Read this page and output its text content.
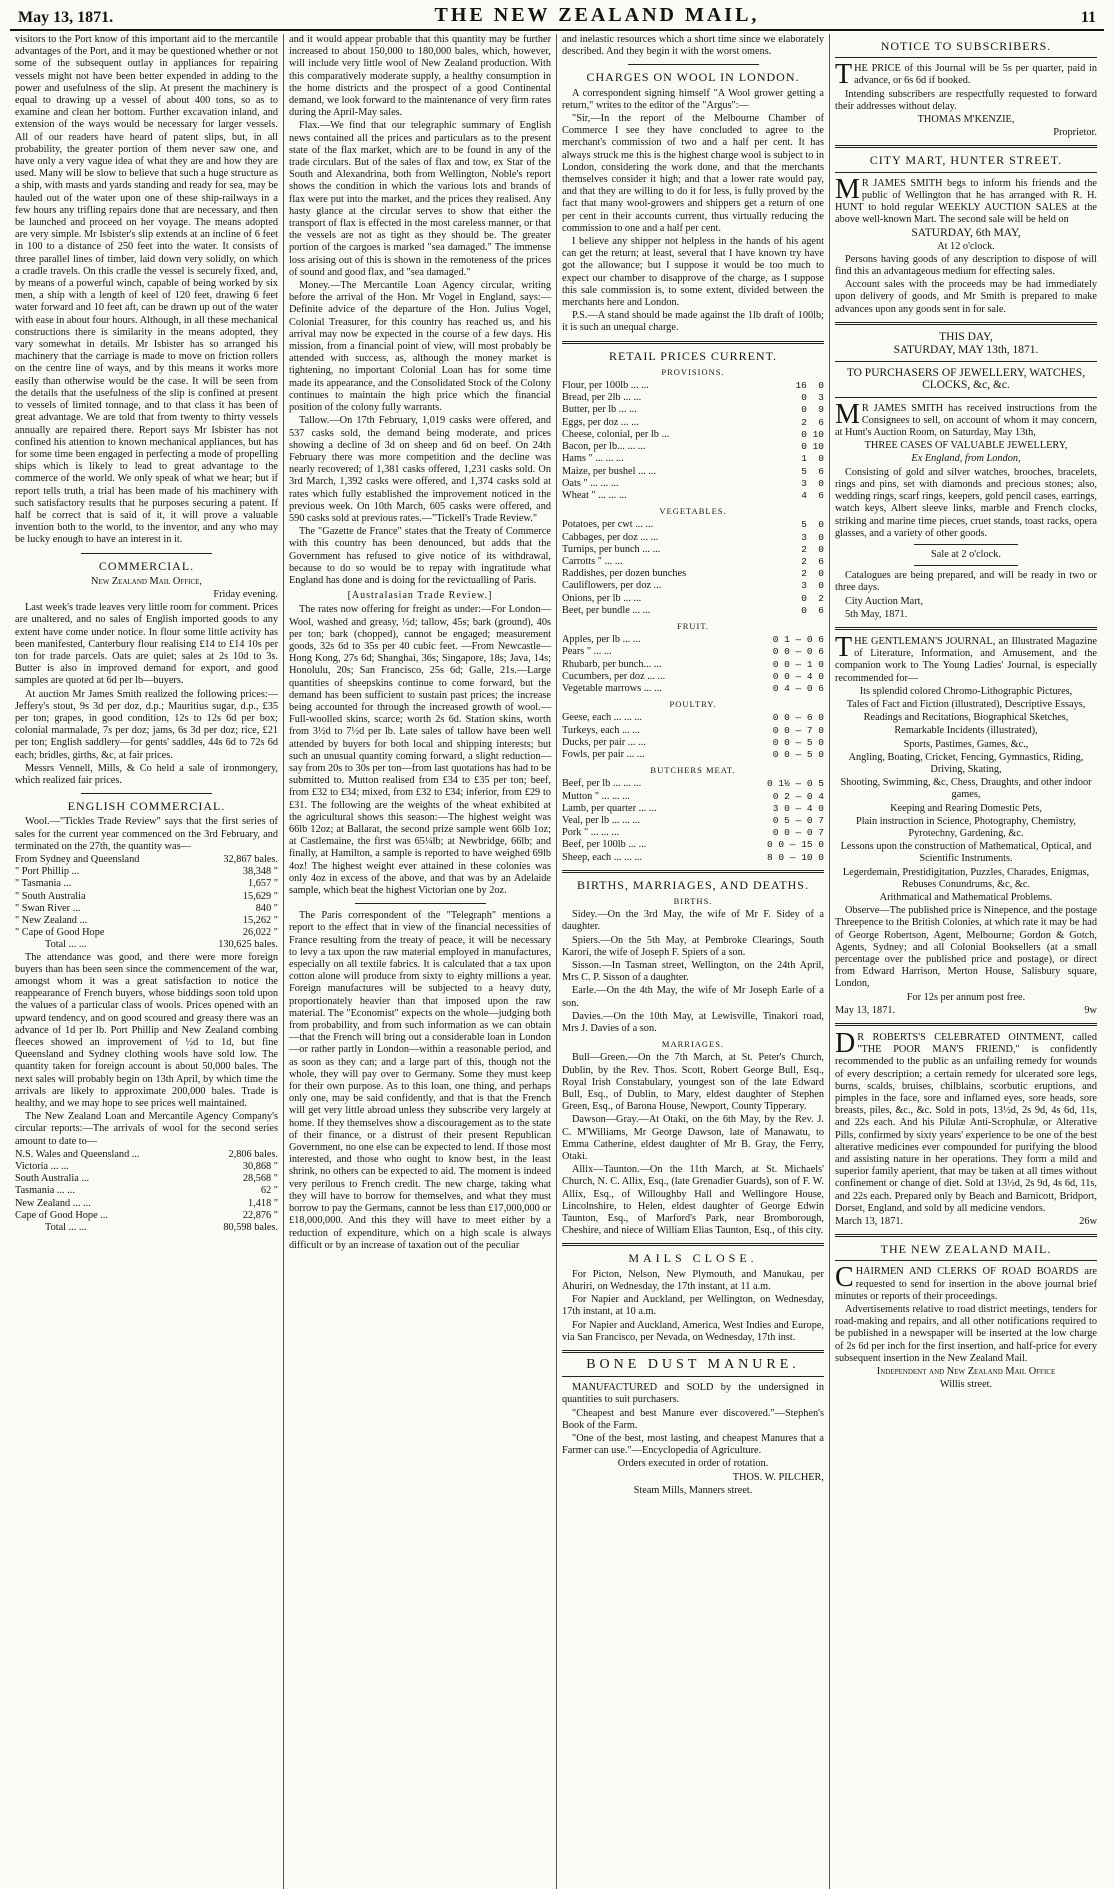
May 13, 1871.	THE NEW ZEALAND MAIL,	11

visitors to the Port know of this important aid to the mercantile advantages of the Port, and it may be questioned whether or not some of the subsequent outlay in appliances for repairing vessels might not have been better expended in adding to the power and usefulness of the slip. At present the machinery is equal to drawing up a vessel of about 400 tons, so as to examine and clean her bottom. Further excavation inland, and extension of the ways would be necessary for larger vessels. All of our readers have heard of patent slips, but, in all probability, the greater portion of them never saw one, and have only a very vague idea of what they are and how they are used. Many will be slow to believe that such a huge structure as a ship, with masts and yards standing and ready for sea, may be hauled out of the water upon one of these ship-railways in a few hours any trifling repairs done that are necessary, and then be launched and proceed on her voyage. The means adopted are very simple. Mr Isbister's slip extends at an incline of 6 feet in 100 to a distance of 250 feet into the water. It consists of three parallel lines of timber, laid down very solidly, on which a cradle travels. On this cradle the vessel is securely fixed, and, by means of a powerful winch, capable of being worked by six men, a ship with a length of keel of 120 feet, drawing 6 feet water forward and 10 feet aft, can be drawn up out of the water with ease in about four hours. Although, in all these mechanical constructions there is similarity in the means adopted, they vary somewhat in details. Mr Isbister has so arranged his machinery that the carriage is made to move on friction rollers on the centre line of ways, and by this means it works more easily than otherwise would be the case. It will be seen from the details that the usefulness of the slip is confined at present to vessels of limited tonnage, and to that class it has been of great advantage. We are told that from twenty to thirty vessels annually are repaired there. Report says Mr Isbister has not confined his attention to known mechanical appliances, but has for some time been engaged in perfecting a mode of propelling ships which is likely to lead to great advantage to the commerce of the world. We only speak of what we hear; but if report tells truth, a trial has been made of his machinery with such satisfactory results that he purposes securing a patent. If half be correct that is said of it, it will prove a valuable invention both to the world, to the inventor, and any who may be lucky enough to have an interest in it.

COMMERCIAL.

New Zealand Mail Office,

Friday evening.

Last week's trade leaves very little room for comment. Prices are unaltered, and no sales of English imported goods to any extent have come under notice. In flour some little activity has been manifested, Canterbury flour realising £14 to £14 10s per ton for trade parcels. Oats are quiet; sales at 2s 10d to 3s. Butter is also in improved demand for export, and good samples are quoted at 6d per lb—buyers.

At auction Mr James Smith realized the following prices:—Jeffery's stout, 9s 3d per doz, d.p.; Mauritius sugar, d.p., £35 per ton; grapes, in good condition, 12s to 12s 6d per box; colonial marmalade, 7s per doz; jams, 6s 3d per doz; rice, £21 per ton; English saddlery—for gents' saddles, 44s 6d to 72s 6d each; bridles, girths, &c, at fair prices.

Messrs Vennell, Mills, & Co held a sale of ironmongery, which realized fair prices.

ENGLISH COMMERCIAL.

Wool.—"Tickles Trade Review" says that the first series of sales for the current year commenced on the 3rd February, and terminated on the 27th, the quantity was—

From Sydney and Queensland	32,867 bales.
" Port Phillip ...	38,348 "
" Tasmania ...	1,657 "
" South Australia	15,629 "
" Swan River ...	840 "
" New Zealand ...	15,262 "
" Cape of Good Hope	26,022 "
Total ... ...	130,625 bales.

The attendance was good, and there were more foreign buyers than has been seen since the commencement of the war, amongst whom it was a great satisfaction to notice the reappearance of French buyers, whose biddings soon told upon the values of a particular class of wools. Prices opened with an upward tendency, and on good scoured and greasy there was an advance of 1d per lb. Port Phillip and New Zealand combing fleeces showed an improvement of ½d to 1d, but fine Queensland and Sydney clothing wools have sold low. The quantity taken for foreign account is about 50,000 bales. The next sales will probably begin on 13th April, by which time the arrivals are likely to approximate 200,000 bales. Trade is healthy, and we may hope to see prices well maintained.

The New Zealand Loan and Mercantile Agency Company's circular reports:—The arrivals of wool for the second series amount to date to—

N.S. Wales and Queensland ...	2,806 bales.
Victoria ... ...	30,868 "
South Australia ...	28,568 "
Tasmania ... ...	62 "
New Zealand ... ...	1,418 "
Cape of Good Hope ...	22,876 "
Total ... ...	80,598 bales.

and it would appear probable that this quantity may be further increased to about 150,000 to 180,000 bales, which, however, will include very little wool of New Zealand production. With this comparatively moderate supply, a healthy consumption in the home districts and the prospect of a good Continental demand, we look forward to the maintenance of very firm rates during the April-May sales.

Flax.—We find that our telegraphic summary of English news contained all the prices and particulars as to the present state of the flax market, which are to be found in any of the trade circulars. But of the sales of flax and tow, ex Star of the South and Alexandrina, both from Wellington, Noble's report shows the condition in which the various lots and brands of flax were put into the market, and the prices they realised. Any hasty glance at the circular serves to show that either the transport of flax is effected in the most careless manner, or that the vessels are not as tight as they should be. The greater portion of the cargoes is marked "sea damaged." The immense loss arising out of this is shown in the remoteness of the prices of sound and good flax, and "sea damaged."

Money.—The Mercantile Loan Agency circular, writing before the arrival of the Hon. Mr Vogel in England, says:—Definite advice of the departure of the Hon. Julius Vogel, Colonial Treasurer, for this country has reached us, and his arrival may now be expected in the course of a few days. His mission, from a financial point of view, will most probably be attended with success, as, although the money market is tightening, no important Colonial Loan has for some time made its appearance, and the Consolidated Stock of the Colony continues to maintain the high price which the financial position of the colony fully warrants.

Tallow.—On 17th February, 1,019 casks were offered, and 537 casks sold, the demand being moderate, and prices showing a decline of 3d on sheep and 6d on beef. On 24th February there was more competition and the decline was nearly recovered; of 1,381 casks offered, 1,231 casks sold. On 3rd March, 1,392 casks were offered, and 1,374 casks sold at rates which fully established the improvement noticed in the previous week. On 10th March, 605 casks were offered, and 590 casks sold at previous rates.—"Tickell's Trade Review."

The "Gazette de France" states that the Treaty of Commerce with this country has been denounced, but adds that the Government has refused to give notice of its withdrawal, because to do so would be to repay with ingratitude what England has done and is doing for the revictualling of Paris.

[Australasian Trade Review.]

The rates now offering for freight as under:—For London—Wool, washed and greasy, ½d; tallow, 45s; bark (ground), 40s per ton; bark (chopped), cannot be engaged; measurement goods, 32s 6d to 35s per 40 cubic feet. —From Newcastle—Hong Kong, 27s 6d; Shanghai, 36s; Singapore, 18s; Java, 14s; Honolulu, 20s; San Francisco, 25s 6d; Galle, 21s.—Large quantities of sheepskins continue to come forward, but the demand has been sufficient to sustain past prices; the increase being accounted for through the increased growth of wool.—Full-woolled skins, scarce; worth 2s 6d. Station skins, worth from 3½d to 7½d per lb. Late sales of tallow have been well attended by buyers for both local and shipping interests; but such an unusual quantity coming forward, a slight reduction—say from 20s to 30s per ton—from last quotations has had to be submitted to. Mutton realised from £34 to £35 per ton; beef, from £32 to £34; mixed, from £32 to £34; inferior, from £29 to £31. The following are the weights of the wheat exhibited at the agricultural shows this season:—The highest weight was 66lb 12oz; at Ballarat, the second prize sample went 66lb 1oz; at Castlemaine, the first was 65¼lb; at Newbridge, 66lb; and finally, at Hamilton, a sample is reported to have weighed 69lb 4oz! The highest weight ever attained in these colonies was only 4oz in excess of the above, and that was by an Adelaide sample, which beat the highest Victorian one by 2oz.

The Paris correspondent of the "Telegraph" mentions a report to the effect that in view of the financial necessities of France resulting from the treaty of peace, it will be necessary to levy a tax upon the raw material employed in manufactures, especially on all textile fabrics. It is calculated that a tax upon cotton alone will produce from sixty to eighty millions a year. Foreign manufactures will be subjected to a heavy duty, proportionately heavier than that imposed upon the raw material. The "Economist" expects on the whole—judging both from probability, and from such information as we can obtain—that the French will bring out a considerable loan in London—or rather partly in London—within a reasonable period, and as soon as they can; and a large part of this, though not the whole, they will pay over to Germany. Some they must keep for their own purpose. As to this loan, one thing, and perhaps only one, may be said confidently, and that is that the French will get very little abroad unless they subscribe very largely at home. If they themselves show a discouragement as to the state of their finance, or a distrust of their present Republican Government, no one else can be expected to lend. If those most interested, and those who ought to know best, in the least shrink, no others can be expected to aid. The moment is indeed very perilous to French credit. The new charge, taking what they will have to borrow for themselves, and what they must borrow to pay the Germans, cannot be less than £17,000,000 or £18,000,000. And this they will have to meet either by a reduction of expenditure, which on a high scale is always difficult or by an increase of taxation out of the peculiar

and inelastic resources which a short time since we elaborately described. And they begin it with the worst omens.

CHARGES ON WOOL IN LONDON.

A correspondent signing himself "A Wool grower getting a return," writes to the editor of the "Argus":—

"Sir,—In the report of the Melbourne Chamber of Commerce I see they have concluded to agree to the merchant's commission of two and a half per cent. It has always struck me this is the highest charge wool is subject to in London, considering the work done, and that the merchants themselves consider it high; and that a lower rate would pay, and that they are willing to do it for less, is fully proved by the fact that many wool-growers and shippers get a return of one per cent in their accounts current, thus virtually reducing the commission to one and a half per cent.

I believe any shipper not helpless in the hands of his agent can get the return; at least, several that I have known try have got the allowance; but I suppose it would be too much to expect our chamber to disapprove of the charge, as I suppose this sale commission is, to some extent, divided between the merchants here and London.

P.S.—A stand should be made against the 1lb draft of 100lb; it is such an unequal charge.

RETAIL PRICES CURRENT.
PROVISIONS.
Flour, per 100lb ... ...	16  0
Bread, per 2lb ... ...	0  3
Butter, per lb ... ...	0  9
Eggs, per doz ... ...	2  6
Cheese, colonial, per lb ...	0 10
Bacon, per lb... ... ...	0 10
Hams " ... ... ...	1  0
Maize, per bushel ... ...	5  6
Oats " ... ... ...	3  0
Wheat " ... ... ...	4  6
VEGETABLES.
Potatoes, per cwt ... ...	5  0
Cabbages, per doz ... ...	3  0
Turnips, per bunch ... ...	2  0
Carrotts " ... ...	2  6
Raddishes, per dozen bunches	2  0
Cauliflowers, per doz ...	3  0
Onions, per lb ... ...	0  2
Beet, per bundle ... ...	0  6
FRUIT.
Apples, per lb ... ...	0 1 — 0 6
Pears " ... ...	0 0 — 0 6
Rhubarb, per bunch... ...	0 0 — 1 0
Cucumbers, per doz ... ...	0 0 — 4 0
Vegetable marrows ... ...	0 4 — 0 6
POULTRY.
Geese, each ... ... ...	0 0 — 6 0
Turkeys, each ... ...	0 0 — 7 0
Ducks, per pair ... ...	0 0 — 5 0
Fowls, per pair ... ...	0 0 — 5 0
BUTCHERS MEAT.
Beef, per lb ... ... ...	0 1½ — 0 5
Mutton " ... ... ...	0 2 — 0 4
Lamb, per quarter ... ...	3 0 — 4 0
Veal, per lb ... ... ...	0 5 — 0 7
Pork " ... ... ...	0 0 — 0 7
Beef, per 100lb ... ...	0 0 — 15 0
Sheep, each ... ... ...	8 0 — 10 0
BIRTHS, MARRIAGES, AND DEATHS.
BIRTHS.

Sidey.—On the 3rd May, the wife of Mr F. Sidey of a daughter.

Spiers.—On the 5th May, at Pembroke Clearings, South Karori, the wife of Joseph F. Spiers of a son.

Sisson.—In Tasman street, Wellington, on the 24th April, Mrs C. P. Sisson of a daughter.

Earle.—On the 4th May, the wife of Mr Joseph Earle of a son.

Davies.—On the 10th May, at Lewisville, Tinakori road, Mrs J. Davies of a son.

MARRIAGES.

Bull—Green.—On the 7th March, at St. Peter's Church, Dublin, by the Rev. Thos. Scott, Robert George Bull, Esq., Royal Irish Constabulary, youngest son of the late Edward Bull, Esq., of Dublin, to Mary, eldest daughter of Stephen Green, Esq., of Barona House, Newport, County Tipperary.

Dawson—Gray.—At Otaki, on the 6th May, by the Rev. J. C. M'Williams, Mr George Dawson, late of Manawatu, to Emma Catherine, eldest daughter of Mr B. Gray, the Ferry, Otaki.

Allix—Taunton.—On the 11th March, at St. Michaels' Church, N. C. Allix, Esq., (late Grenadier Guards), son of F. W. Allix, Esq., of Willoughby Hall and Wellingore House, Lincolnshire, to Helen, eldest daughter of George Edwin Taunton, Esq., of Marford's Park, near Bromborough, Cheshire, and niece of William Elias Taunton, Esq., of this city.

MAILS CLOSE.

For Picton, Nelson, New Plymouth, and Manukau, per Ahuriri, on Wednesday, the 17th instant, at 11 a.m.

For Napier and Auckland, per Wellington, on Wednesday, 17th instant, at 10 a.m.

For Napier and Auckland, America, West Indies and Europe, via San Francisco, per Nevada, on Wednesday, 17th inst.

BONE DUST MANURE.

MANUFACTURED and SOLD by the undersigned in quantities to suit purchasers.

"Cheapest and best Manure ever discovered."—Stephen's Book of the Farm.

"One of the best, most lasting, and cheapest Manures that a Farmer can use."—Encyclopedia of Agriculture.

Orders executed in order of rotation.

THOS. W. PILCHER,

Steam Mills, Manners street.

NOTICE TO SUBSCRIBERS.

THE PRICE of this Journal will be 5s per quarter, paid in advance, or 6s 6d if booked.

Intending subscribers are respectfully requested to forward their addresses without delay.

THOMAS M'KENZIE,

Proprietor.

CITY MART, HUNTER STREET.

MR JAMES SMITH begs to inform his friends and the public of Wellington that he has arranged with R. H. HUNT to hold regular WEEKLY AUCTION SALES at the above well-known Mart. The second sale will be held on

SATURDAY, 6th MAY,

At 12 o'clock.

Persons having goods of any description to dispose of will find this an advantageous medium for effecting sales.

Account sales with the proceeds may be had immediately upon delivery of goods, and Mr Smith is prepared to make advances upon any goods sent in for sale.

THIS DAY,

SATURDAY, MAY 13th, 1871.

TO PURCHASERS OF JEWELLERY, WATCHES, CLOCKS, &c, &c.

MR JAMES SMITH has received instructions from the Consignees to sell, on account of whom it may concern, at Hunt's Auction Room, on Saturday, May 13th,

THREE CASES OF VALUABLE JEWELLERY,

Ex England, from London,

Consisting of gold and silver watches, brooches, bracelets, rings and pins, set with diamonds and precious stones; also, wedding rings, scarf rings, keepers, gold pencil cases, earrings, watch keys, Albert sleeve links, marble and French clocks, striking and marine time pieces, cruet stands, toast racks, opera glasses, and a variety of other goods.

Sale at 2 o'clock.

Catalogues are being prepared, and will be ready in two or three days.

City Auction Mart,

5th May, 1871.

THE GENTLEMAN'S JOURNAL, an Illustrated Magazine of Literature, Information, and Amusement, and the companion work to The Young Ladies' Journal, is especially recommended for—

Its splendid colored Chromo-Lithographic Pictures,

Tales of Fact and Fiction (illustrated), Descriptive Essays,

Readings and Recitations, Biographical Sketches,

Remarkable Incidents (illustrated),

Sports, Pastimes, Games, &c.,

Angling, Boating, Cricket, Fencing, Gymnastics, Riding, Driving, Skating,

Shooting, Swimming, &c, Chess, Draughts, and other indoor games,

Keeping and Rearing Domestic Pets,

Plain instruction in Science, Photography, Chemistry, Pyrotechny, Gardening, &c.

Lessons upon the construction of Mathematical, Optical, and Scientific Instruments.

Legerdemain, Prestidigitation, Puzzles, Charades, Enigmas, Rebuses Conundrums, &c, &c.

Arithmatical and Mathematical Problems.

Observe—The published price is Ninepence, and the postage Threepence to the British Colonies, at which rate it may be had of George Robertson, Agent, Melbourne; Gordon & Gotch, Agents, Sydney; and all Colonial Booksellers (at a small percentage over the published price and postage), or direct from Edward Harrison, Merton House, Salisbury square, London,

For 12s per annum post free.

May 13, 1871.	9w

DR ROBERTS'S CELEBRATED OINTMENT, called "THE POOR MAN'S FRIEND," is confidently recommended to the public as an unfailing remedy for wounds of every description; a certain remedy for ulcerated sore legs, burns, scalds, bruises, chilblains, scorbutic eruptions, and pimples in the face, sore and inflamed eyes, sore heads, sore breasts, piles, &c., &c. Sold in pots, 13½d, 2s 9d, 4s 6d, 11s, and 22s each. And his Pilulæ Anti-Scrophulæ, or Alterative Pills, confirmed by sixty years' experience to be one of the best alterative medicines ever compounded for purifying the blood and assisting nature in her operations. They form a mild and superior family aperient, that may be taken at all times without confinement or change of diet. Sold at 13½d, 2s 9d, 4s 6d, 11s, and 22s each. Prepared only by Beach and Barnicott, Bridport, Dorset, England, and sold by all medicine vendors.

March 13, 1871.	26w
THE NEW ZEALAND MAIL.

CHAIRMEN AND CLERKS OF ROAD BOARDS are requested to send for insertion in the above journal brief minutes or reports of their proceedings.

Advertisements relative to road district meetings, tenders for road-making and repairs, and all other notifications required to be published in a newspaper will be inserted at the low charge of 2s 6d per inch for the first insertion, and half-price for every subsequent insertion in the New Zealand Mail.

Independent and New Zealand Mail Office

Willis street.
